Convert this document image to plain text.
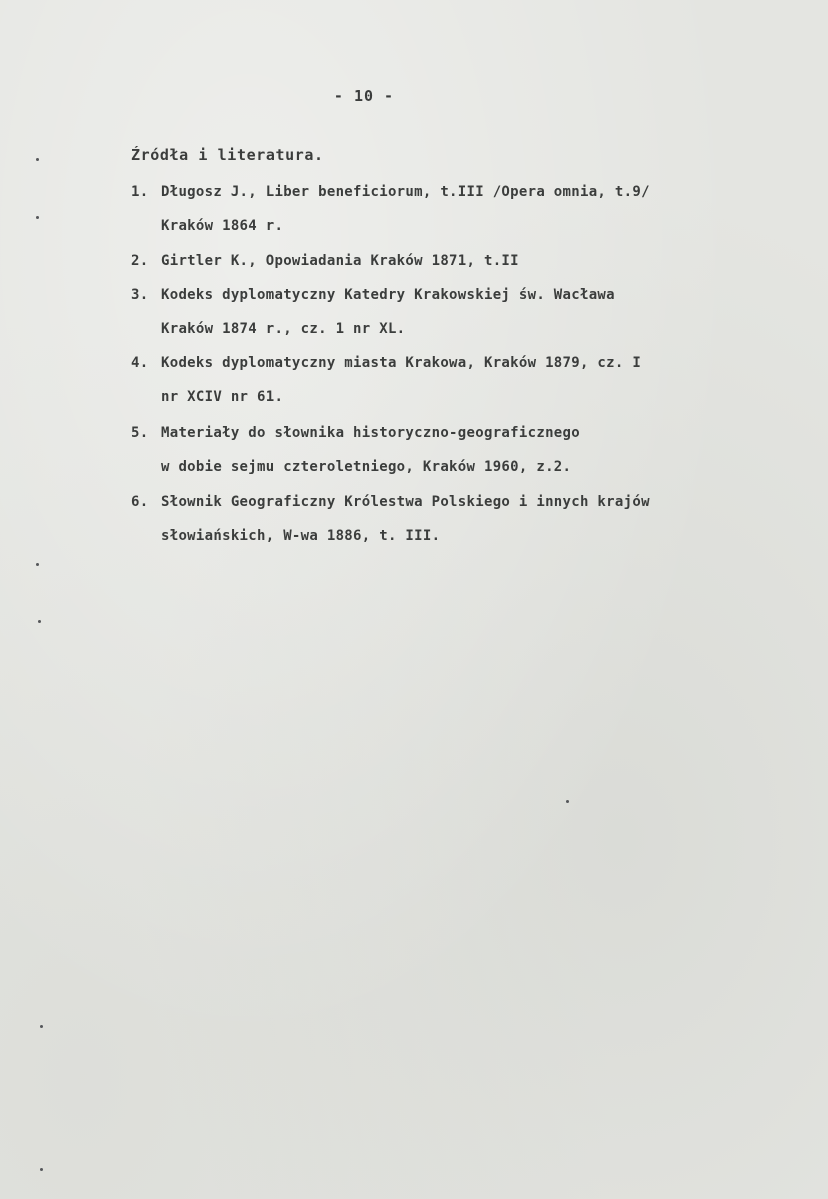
- 10 -
Źródła i literatura.
1. Długosz J., Liber beneficiorum, t.III /Opera omnia, t.9/
Kraków 1864 r.
2. Girtler K., Opowiadania Kraków 1871, t.II
3. Kodeks dyplomatyczny Katedry Krakowskiej św. Wacława
Kraków 1874 r., cz. 1 nr XL.
4. Kodeks dyplomatyczny miasta Krakowa, Kraków 1879, cz. I
nr XCIV nr 61.
5. Materiały do słownika historyczno-geograficznego
w dobie sejmu czteroletniego, Kraków 1960, z.2.
6. Słownik Geograficzny Królestwa Polskiego i innych krajów
słowiańskich, W-wa 1886, t. III.
